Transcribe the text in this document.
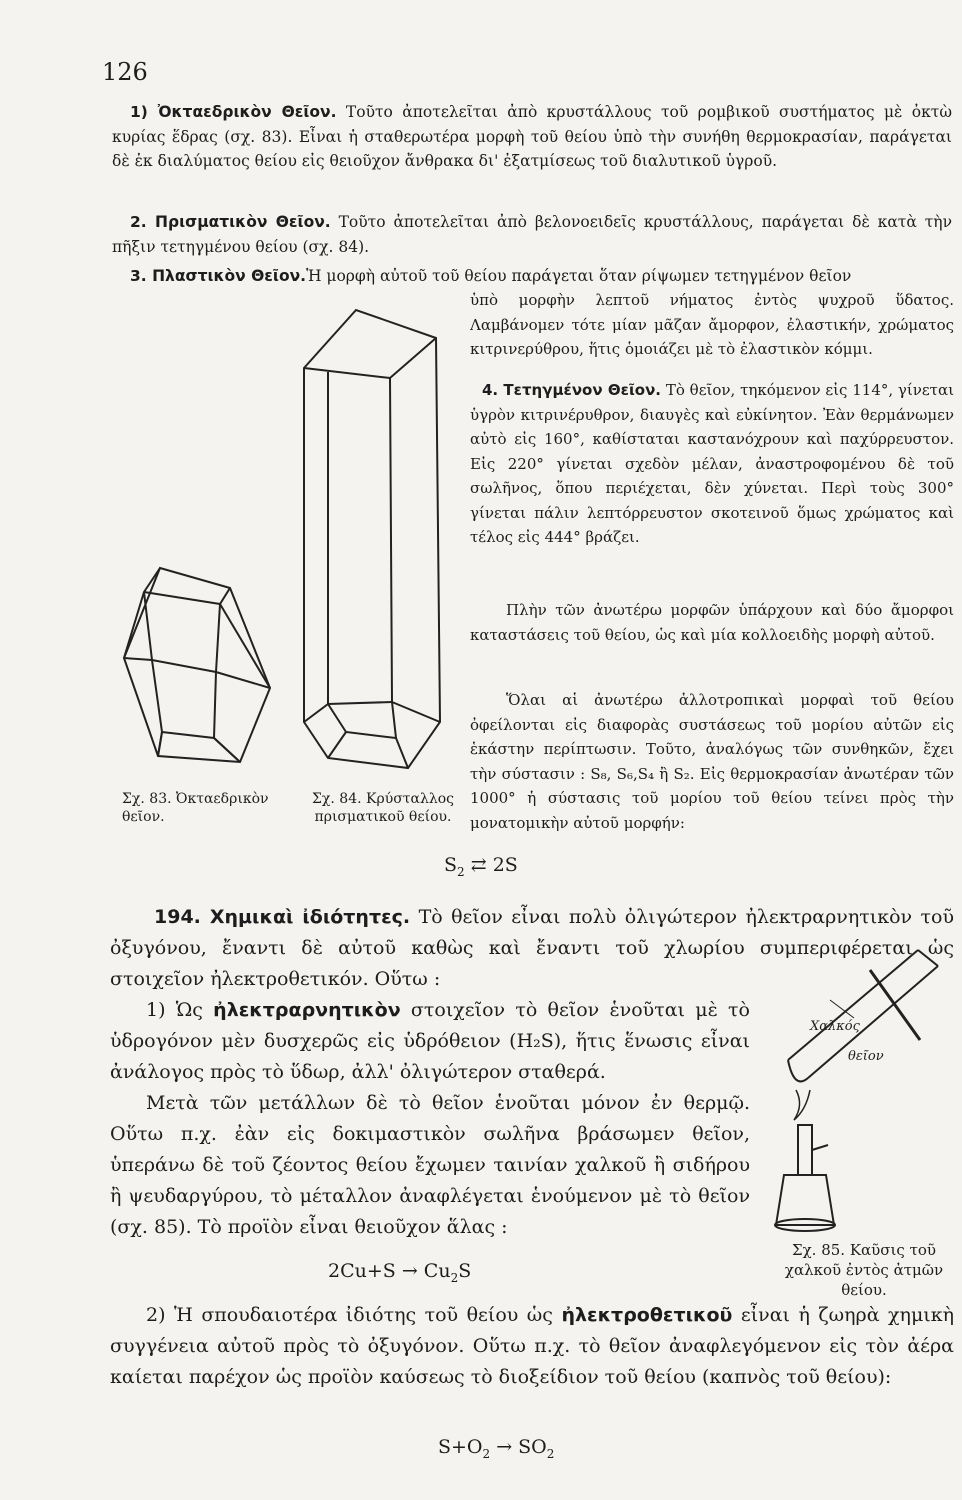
126
1) Ὀκταεδρικὸν Θεῖον. Τοῦτο ἀποτελεῖται ἀπὸ κρυστάλλους τοῦ ρομβικοῦ συστήματος μὲ ὀκτὼ κυρίας ἕδρας (σχ. 83). Εἶναι ἡ σταθερωτέρα μορφὴ τοῦ θείου ὑπὸ τὴν συνήθη θερμοκρασίαν, παράγεται δὲ ἐκ διαλύματος θείου εἰς θειοῦχον ἄνθρακα δι' ἐξατμίσεως τοῦ διαλυτικοῦ ὑγροῦ.
2. Πρισματικὸν Θεῖον. Τοῦτο ἀποτελεῖται ἀπὸ βελονοειδεῖς κρυστάλλους, παράγεται δὲ κατὰ τὴν πῆξιν τετηγμένου θείου (σχ. 84).
3. Πλαστικὸν Θεῖον.Ἡ μορφὴ αὐτοῦ τοῦ θείου παράγεται ὅταν ρίψωμεν τετηγμένον θεῖον
ὑπὸ μορφὴν λεπτοῦ νήματος ἐντὸς ψυχροῦ ὕδατος. Λαμβάνομεν τότε μίαν μᾶζαν ἄμορφον, ἐλαστικήν, χρώματος κιτρινερύθρου, ἥτις ὁμοιάζει μὲ τὸ ἐλαστικὸν κόμμι.
4. Τετηγμένον Θεῖον. Τὸ θεῖον, τηκόμενον εἰς 114°, γίνεται ὑγρὸν κιτρινέρυθρον, διαυγὲς καὶ εὐκίνητον. Ἐὰν θερμάνωμεν αὐτὸ εἰς 160°, καθίσταται καστανόχρουν καὶ παχύρρευστον. Εἰς 220° γίνεται σχεδὸν μέλαν, ἀναστροφομένου δὲ τοῦ σωλῆνος, ὅπου περιέχεται, δὲν χύνεται. Περὶ τοὺς 300° γίνεται πάλιν λεπτόρρευστον σκοτεινοῦ ὅμως χρώματος καὶ τέλος εἰς 444° βράζει.
Πλὴν τῶν ἀνωτέρω μορφῶν ὑπάρχουν καὶ δύο ἄμορφοι καταστάσεις τοῦ θείου, ὡς καὶ μία κολλοειδὴς μορφὴ αὐτοῦ.
Ὅλαι αἱ ἀνωτέρω ἀλλοτροπικαὶ μορφαὶ τοῦ θείου ὀφείλονται εἰς διαφορὰς συστάσεως τοῦ μορίου αὐτῶν εἰς ἑκάστην περίπτωσιν. Τοῦτο, ἀναλόγως τῶν συνθηκῶν, ἔχει τὴν σύστασιν : S₈, S₆,S₄ ἢ S₂. Εἰς θερμοκρασίαν ἀνωτέραν τῶν 1000° ἡ σύστασις τοῦ μορίου τοῦ θείου τείνει πρὸς τὴν μονατομικὴν αὐτοῦ μορφήν:
$S_2$ ⇄ 2S
Σχ. 83. Ὀκταεδρικὸν θεῖον.
Σχ. 84. Κρύσταλλος πρισματικοῦ θείου.
194. Χημικαὶ ἰδιότητες. Τὸ θεῖον εἶναι πολὺ ὀλιγώτερον ἠλεκτραρνητικὸν τοῦ ὀξυγόνου, ἔναντι δὲ αὐτοῦ καθὼς καὶ ἔναντι τοῦ χλωρίου συμπεριφέρεται ὡς στοιχεῖον ἠλεκτροθετικόν. Οὕτω :
1) Ὡς ἠλεκτραρνητικὸν στοιχεῖον τὸ θεῖον ἑνοῦται μὲ τὸ ὑδρογόνον μὲν δυσχερῶς εἰς ὑδρόθειον (H₂S), ἥτις ἕνωσις εἶναι ἀνάλογος πρὸς τὸ ὕδωρ, ἀλλ' ὀλιγώτερον σταθερά.
Μετὰ τῶν μετάλλων δὲ τὸ θεῖον ἑνοῦται μόνον ἐν θερμῷ. Οὕτω π.χ. ἐὰν εἰς δοκιμαστικὸν σωλῆνα βράσωμεν θεῖον, ὑπεράνω δὲ τοῦ ζέοντος θείου ἔχωμεν ταινίαν χαλκοῦ ἢ σιδήρου ἢ ψευδαργύρου, τὸ μέταλλον ἀναφλέγεται ἑνούμενον μὲ τὸ θεῖον (σχ. 85). Τὸ προϊὸν εἶναι θειοῦχον ἅλας :
$2Cu+S \to Cu_2S$
Χαλκός
θεῖον
Σχ. 85. Καῦσις τοῦ χαλκοῦ ἐντὸς ἀτμῶν θείου.
2) Ἡ σπουδαιοτέρα ἰδιότης τοῦ θείου ὡς ἠλεκτροθετικοῦ εἶναι ἡ ζωηρὰ χημικὴ συγγένεια αὐτοῦ πρὸς τὸ ὀξυγόνον. Οὕτω π.χ. τὸ θεῖον ἀναφλεγόμενον εἰς τὸν ἀέρα καίεται παρέχον ὡς προϊὸν καύσεως τὸ διοξείδιον τοῦ θείου (καπνὸς τοῦ θείου):
$S+O_2 \to SO_2$
